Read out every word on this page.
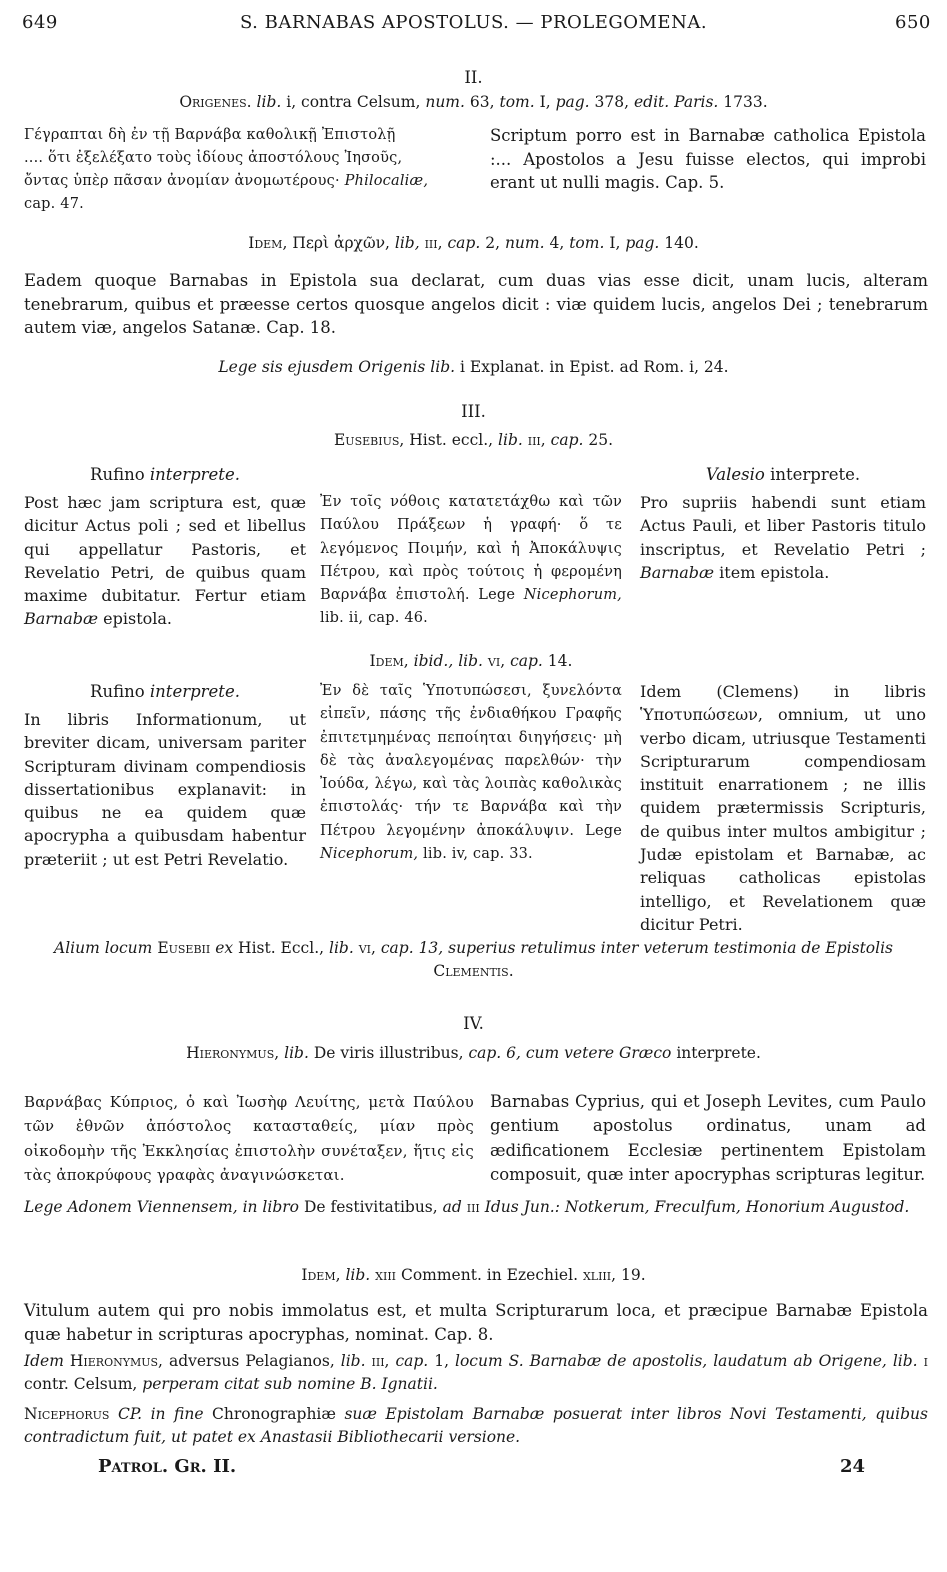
649	S. BARNABAS APOSTOLUS. — PROLEGOMENA.	650
II.
Origenes. lib. i, contra Celsum, num. 63, tom. I, pag. 378, edit. Paris. 1733.
Γέγραπται δὴ ἐν τῇ Βαρνάβα καθολικῇ Ἐπιστολῇ
.... ὅτι ἐξελέξατο τοὺς ἰδίους ἀποστόλους Ἰησοῦς,
ὄντας ὑπὲρ πᾶσαν ἀνομίαν ἀνομωτέρους· Philocaliæ,
cap. 47.
Scriptum porro est in Barnabæ catholica Epistola :... Apostolos a Jesu fuisse electos, qui improbi erant ut nulli magis. Cap. 5.
Idem, Περὶ ἀρχῶν, lib, iii, cap. 2, num. 4, tom. I, pag. 140.
Eadem quoque Barnabas in Epistola sua declarat, cum duas vias esse dicit, unam lucis, alteram tenebrarum, quibus et præesse certos quosque angelos dicit : viæ quidem lucis, angelos Dei ; tenebrarum autem viæ, angelos Satanæ. Cap. 18.
Lege sis ejusdem Origenis lib. i Explanat. in Epist. ad Rom. i, 24.
III.
Eusebius, Hist. eccl., lib. iii, cap. 25.
Rufino interprete.
Post hæc jam scriptura est, quæ dicitur Actus poli ; sed et libellus qui appellatur Pastoris, et Revelatio Petri, de quibus quam maxime dubitatur. Fertur etiam Barnabæ epistola.
Ἐν τοῖς νόθοις κατατετάχθω καὶ τῶν Παύλου Πράξεων ἡ γραφή· ὅ τε λεγόμενος Ποιμήν, καὶ ἡ Ἀποκάλυψις Πέτρου, καὶ πρὸς τούτοις ἡ φερομένη Βαρνάβα ἐπιστολή. Lege Nicephorum, lib. ii, cap. 46.
Valesio interprete.
Pro supriis habendi sunt etiam Actus Pauli, et liber Pastoris titulo inscriptus, et Revelatio Petri ; Barnabæ item epistola.
Idem, ibid., lib. vi, cap. 14.
Rufino interprete.
In libris Informationum, ut breviter dicam, universam pariter Scripturam divinam compendiosis dissertationibus explanavit: in quibus ne ea quidem quæ apocrypha a quibusdam habentur præteriit ; ut est Petri Revelatio.
Ἐν δὲ ταῖς Ὑποτυπώσεσι, ξυνελόντα εἰπεῖν, πάσης τῆς ἐνδιαθήκου Γραφῆς ἐπιτετμημένας πεποίηται διηγήσεις· μὴ δὲ τὰς ἀναλεγομένας παρελθών· τὴν Ἰούδα, λέγω, καὶ τὰς λοιπὰς καθολικὰς ἐπιστολάς· τήν τε Βαρνάβα καὶ τὴν Πέτρου λεγομένην ἀποκάλυψιν. Lege Nicephorum, lib. iv, cap. 33.
Idem (Clemens) in libris Ὑποτυπώσεων, omnium, ut uno verbo dicam, utriusque Testamenti Scripturarum compendiosam instituit enarrationem ; ne illis quidem prætermissis Scripturis, de quibus inter multos ambigitur ; Judæ epistolam et Barnabæ, ac reliquas catholicas epistolas intelligo, et Revelationem quæ dicitur Petri.
Alium locum Eusebii ex Hist. Eccl., lib. vi, cap. 13, superius retulimus inter veterum testimonia de Epistolis Clementis.
IV.
Hieronymus, lib. De viris illustribus, cap. 6, cum vetere Græco interprete.
Βαρνάβας Κύπριος, ὁ καὶ Ἰωσὴφ Λευίτης, μετὰ Παύλου τῶν ἐθνῶν ἀπόστολος κατασταθείς, μίαν πρὸς οἰκοδομὴν τῆς Ἐκκλησίας ἐπιστολὴν συνέταξεν, ἥτις εἰς τὰς ἀποκρύφους γραφὰς ἀναγινώσκεται.
Barnabas Cyprius, qui et Joseph Levites, cum Paulo gentium apostolus ordinatus, unam ad ædificationem Ecclesiæ pertinentem Epistolam composuit, quæ inter apocryphas scripturas legitur.
Lege Adonem Viennensem, in libro De festivitatibus, ad iii Idus Jun.: Notkerum, Freculfum, Honorium Augustod.
Idem, lib. xiii Comment. in Ezechiel. xliii, 19.
Vitulum autem qui pro nobis immolatus est, et multa Scripturarum loca, et præcipue Barnabæ Epistola quæ habetur in scripturas apocryphas, nominat. Cap. 8.
Idem Hieronymus, adversus Pelagianos, lib. iii, cap. 1, locum S. Barnabæ de apostolis, laudatum ab Origene, lib. i contr. Celsum, perperam citat sub nomine B. Ignatii.
Nicephorus CP. in fine Chronographiæ suæ Epistolam Barnabæ posuerat inter libros Novi Testamenti, quibus contradictum fuit, ut patet ex Anastasii Bibliothecarii versione.
Patrol. Gr. II.	24
